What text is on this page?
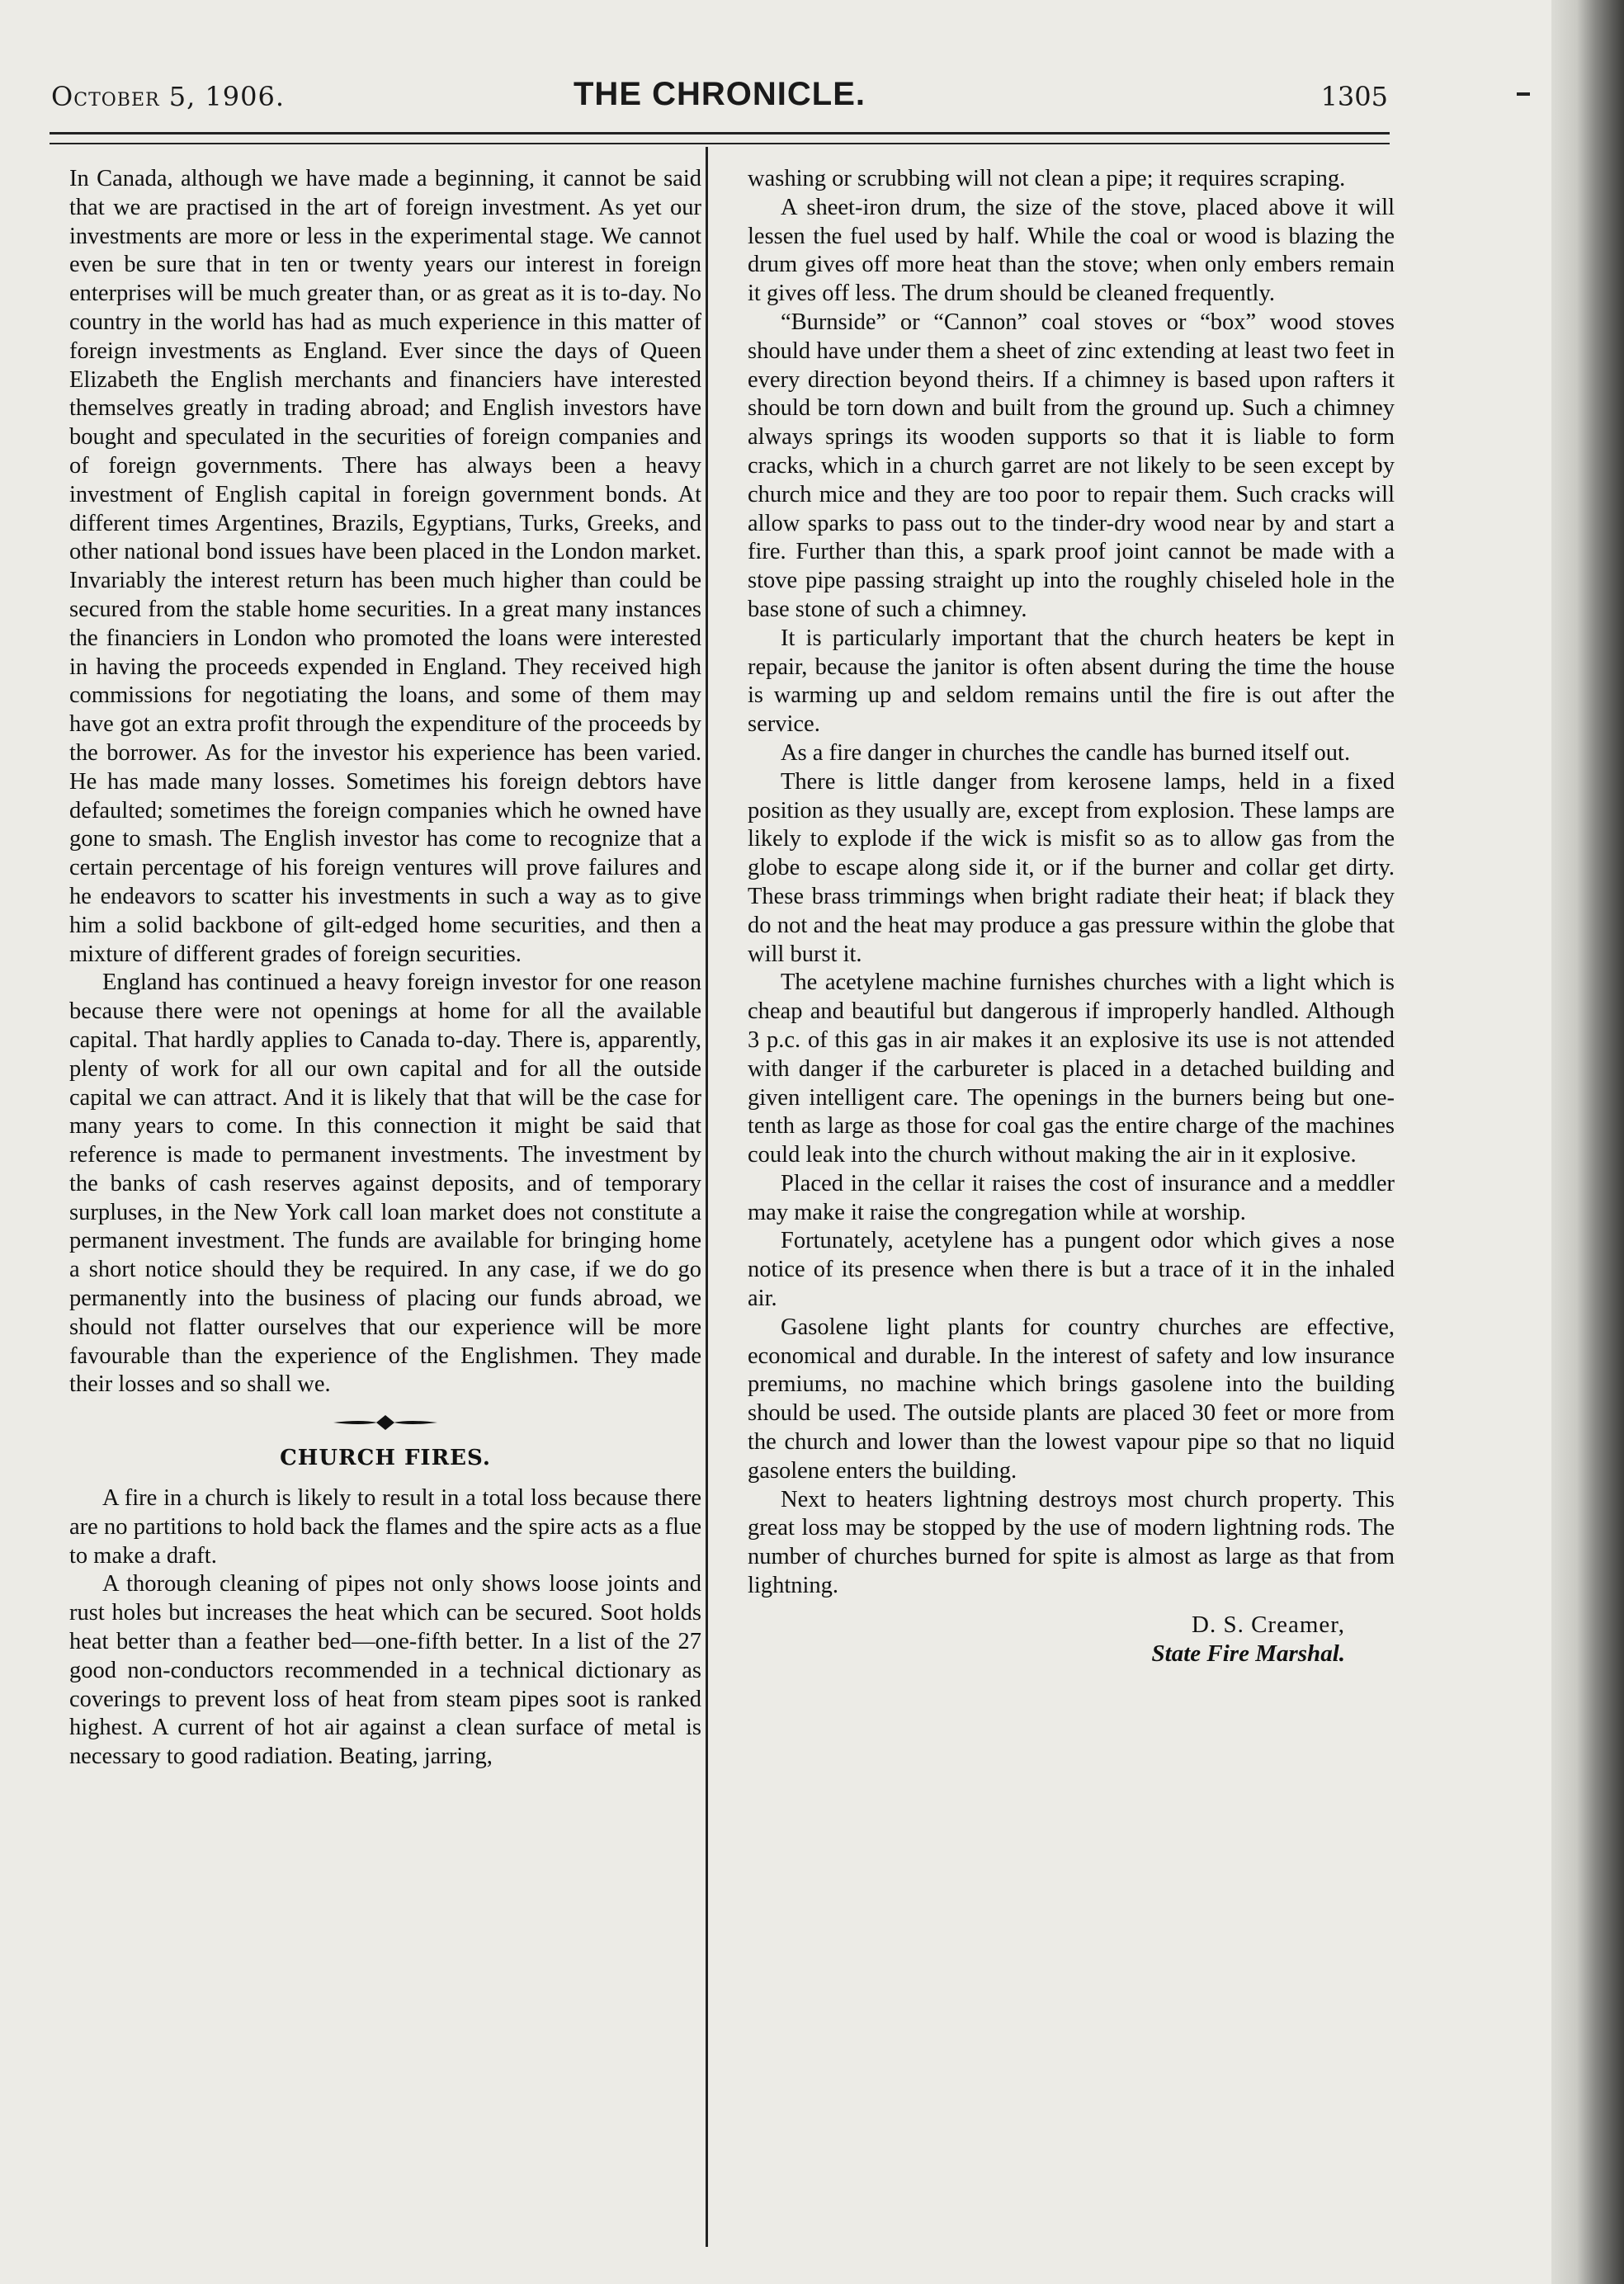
October 5, 1906.	THE CHRONICLE.	1305

In Canada, although we have made a beginning, it cannot be said that we are practised in the art of foreign investment. As yet our investments are more or less in the experimental stage. We cannot even be sure that in ten or twenty years our interest in foreign enterprises will be much greater than, or as great as it is to-day. No country in the world has had as much experience in this matter of foreign investments as England. Ever since the days of Queen Elizabeth the English merchants and financiers have interested themselves greatly in trading abroad; and English investors have bought and speculated in the securities of foreign companies and of foreign governments. There has always been a heavy investment of English capital in foreign government bonds. At different times Argentines, Brazils, Egyptians, Turks, Greeks, and other national bond issues have been placed in the London market. Invariably the interest return has been much higher than could be secured from the stable home securities. In a great many instances the financiers in London who promoted the loans were interested in having the proceeds expended in England. They received high commissions for negotiating the loans, and some of them may have got an extra profit through the expenditure of the proceeds by the borrower. As for the investor his experience has been varied. He has made many losses. Sometimes his foreign debtors have defaulted; sometimes the foreign companies which he owned have gone to smash. The English investor has come to recognize that a certain percentage of his foreign ventures will prove failures and he endeavors to scatter his investments in such a way as to give him a solid backbone of gilt-edged home securities, and then a mixture of different grades of foreign securities.

England has continued a heavy foreign investor for one reason because there were not openings at home for all the available capital. That hardly applies to Canada to-day. There is, apparently, plenty of work for all our own capital and for all the outside capital we can attract. And it is likely that that will be the case for many years to come. In this connection it might be said that reference is made to permanent investments. The investment by the banks of cash reserves against deposits, and of temporary surpluses, in the New York call loan market does not constitute a permanent investment. The funds are available for bringing home a short notice should they be required. In any case, if we do go permanently into the business of placing our funds abroad, we should not flatter ourselves that our experience will be more favourable than the experience of the Englishmen. They made their losses and so shall we.

CHURCH FIRES.

A fire in a church is likely to result in a total loss because there are no partitions to hold back the flames and the spire acts as a flue to make a draft.

A thorough cleaning of pipes not only shows loose joints and rust holes but increases the heat which can be secured. Soot holds heat better than a feather bed—one-fifth better. In a list of the 27 good non-conductors recommended in a technical dictionary as coverings to prevent loss of heat from steam pipes soot is ranked highest. A current of hot air against a clean surface of metal is necessary to good radiation. Beating, jarring,

washing or scrubbing will not clean a pipe; it requires scraping.

A sheet-iron drum, the size of the stove, placed above it will lessen the fuel used by half. While the coal or wood is blazing the drum gives off more heat than the stove; when only embers remain it gives off less. The drum should be cleaned frequently.

“Burnside” or “Cannon” coal stoves or “box” wood stoves should have under them a sheet of zinc extending at least two feet in every direction beyond theirs. If a chimney is based upon rafters it should be torn down and built from the ground up. Such a chimney always springs its wooden supports so that it is liable to form cracks, which in a church garret are not likely to be seen except by church mice and they are too poor to repair them. Such cracks will allow sparks to pass out to the tinder-dry wood near by and start a fire. Further than this, a spark proof joint cannot be made with a stove pipe passing straight up into the roughly chiseled hole in the base stone of such a chimney.

It is particularly important that the church heaters be kept in repair, because the janitor is often absent during the time the house is warming up and seldom remains until the fire is out after the service.

As a fire danger in churches the candle has burned itself out.

There is little danger from kerosene lamps, held in a fixed position as they usually are, except from explosion. These lamps are likely to explode if the wick is misfit so as to allow gas from the globe to escape along side it, or if the burner and collar get dirty. These brass trimmings when bright radiate their heat; if black they do not and the heat may produce a gas pressure within the globe that will burst it.

The acetylene machine furnishes churches with a light which is cheap and beautiful but dangerous if improperly handled. Although 3 p.c. of this gas in air makes it an explosive its use is not attended with danger if the carbureter is placed in a detached building and given intelligent care. The openings in the burners being but one-tenth as large as those for coal gas the entire charge of the machines could leak into the church without making the air in it explosive.

Placed in the cellar it raises the cost of insurance and a meddler may make it raise the congregation while at worship.

Fortunately, acetylene has a pungent odor which gives a nose notice of its presence when there is but a trace of it in the inhaled air.

Gasolene light plants for country churches are effective, economical and durable. In the interest of safety and low insurance premiums, no machine which brings gasolene into the building should be used. The outside plants are placed 30 feet or more from the church and lower than the lowest vapour pipe so that no liquid gasolene enters the building.

Next to heaters lightning destroys most church property. This great loss may be stopped by the use of modern lightning rods. The number of churches burned for spite is almost as large as that from lightning.

D. S. Creamer,
State Fire Marshal.
